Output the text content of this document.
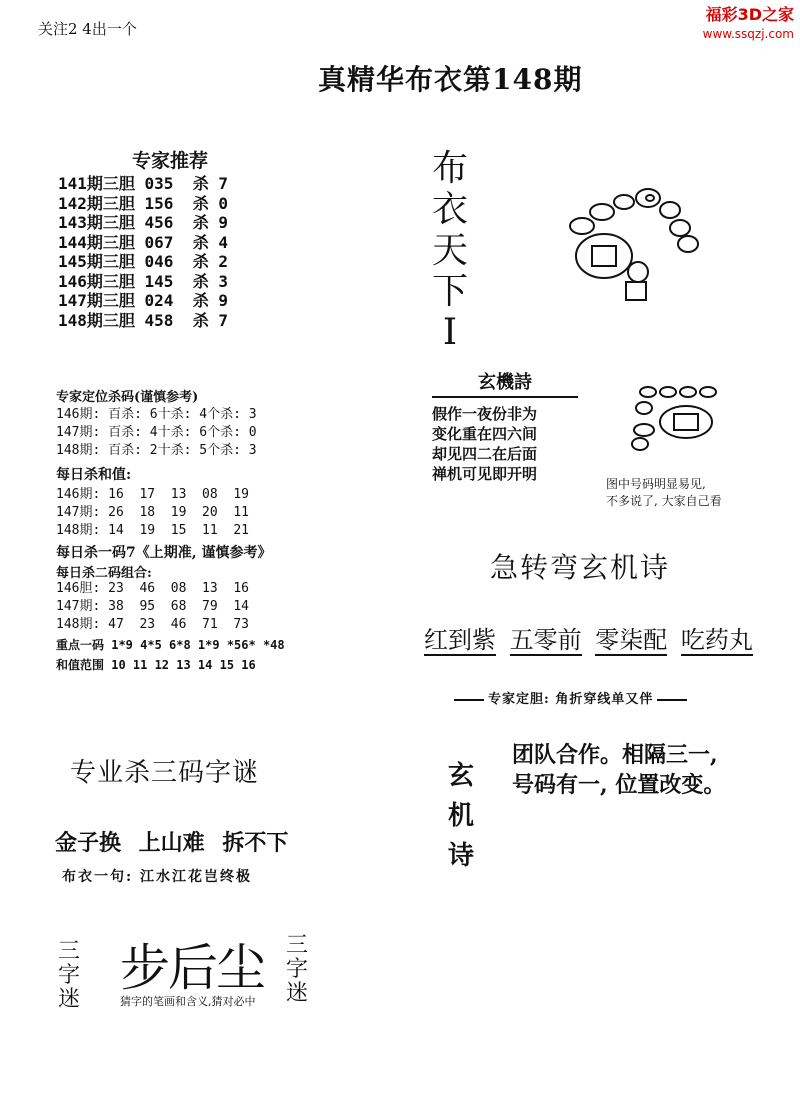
关注2 4出一个
福彩3D之家
www.ssqzj.com
真精华布衣第148期
专家推荐
141期三胆 035  杀 7
142期三胆 156  杀 0
143期三胆 456  杀 9
144期三胆 067  杀 4
145期三胆 046  杀 2
146期三胆 145  杀 3
147期三胆 024  杀 9
148期三胆 458  杀 7
专家定位杀码(谨慎参考)
146期: 百杀: 6十杀: 4个杀: 3
147期: 百杀: 4十杀: 6个杀: 0
148期: 百杀: 2十杀: 5个杀: 3
每日杀和值:
146期: 16  17  13  08  19
147期: 26  18  19  20  11
148期: 14  19  15  11  21
每日杀一码7《上期准, 谨慎参考》
每日杀二码组合:
146胆: 23  46  08  13  16
147期: 38  95  68  79  14
148期: 47  23  46  71  73
重点一码 1*9 4*5 6*8 1*9 *56* *48
和值范围 10 11 12 13 14 15 16
专业杀三码字谜
金子换 上山难 拆不下
布衣一句: 江水江花岂终极
三字迷
步后尘 三字迷
猜字的笔画和含义,猜对必中
布衣天下I
玄機詩
假作一夜份非为
变化重在四六间
却见四二在后面
禅机可见即开明
图中号码明显易见,
不多说了, 大家自己看
急转弯玄机诗
红到紫 五零前 零柒配 吃药丸
专家定胆: 角折穿线单又伴
玄机诗
团队合作。相隔三一,
号码有一, 位置改变。
